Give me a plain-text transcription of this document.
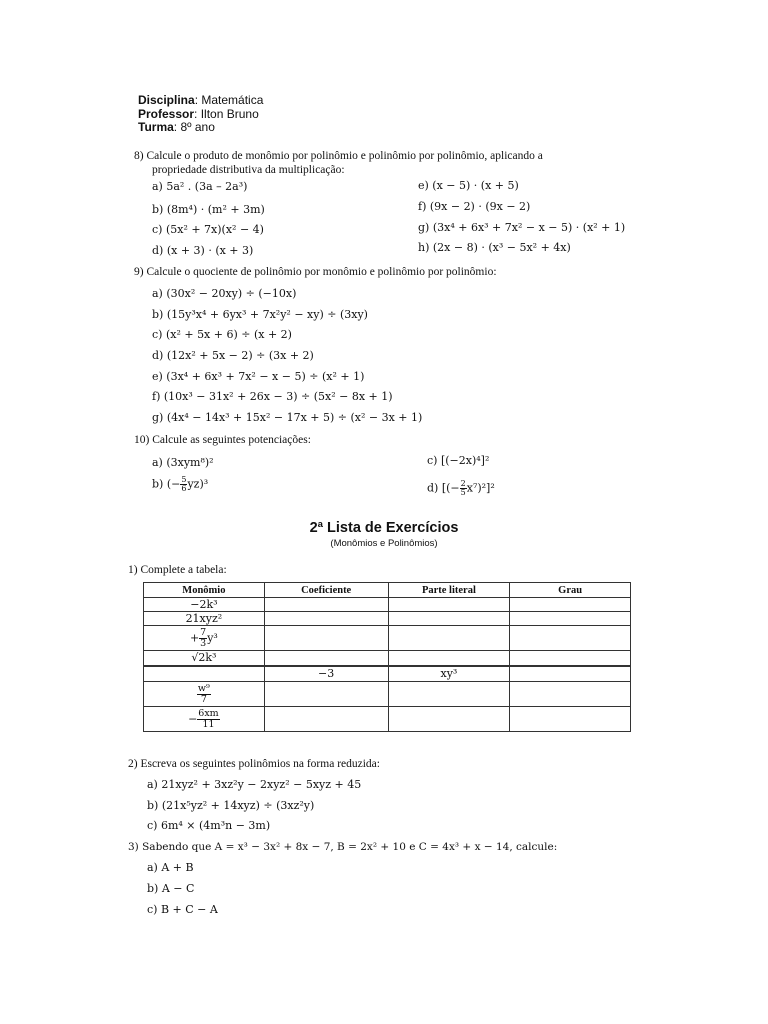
Disciplina: Matemática
Professor: Ilton Bruno
Turma: 8º ano
8) Calcule o produto de monômio por polinômio e polinômio por polinômio, aplicando a
propriedade distributiva da multiplicação:
a) 5a² . (3a – 2a³)
b) (8m⁴) · (m² + 3m)
c) (5x² + 7x)(x² − 4)
d) (x + 3) · (x + 3)
e) (x − 5) · (x + 5)
f) (9x − 2) · (9x − 2)
g) (3x⁴ + 6x³ + 7x² − x − 5) · (x² + 1)
h) (2x − 8) · (x³ − 5x² + 4x)
9) Calcule o quociente de polinômio por monômio e polinômio por polinômio:
a) (30x² − 20xy) ÷ (−10x)
b) (15y³x⁴ + 6yx³ + 7x²y² − xy) ÷ (3xy)
c) (x² + 5x + 6) ÷ (x + 2)
d) (12x² + 5x − 2) ÷ (3x + 2)
e) (3x⁴ + 6x³ + 7x² − x − 5) ÷ (x² + 1)
f) (10x³ − 31x² + 26x − 3) ÷ (5x² − 8x + 1)
g) (4x⁴ − 14x³ + 15x² − 17x + 5) ÷ (x² − 3x + 1)
10) Calcule as seguintes potenciações:
a) (3xym⁸)²
b) (− $\frac{5}{6} yz)^3$
c) [(−2x)⁴]²
d) [(− $\frac{2}{5} x^7)^2]^2$
2ª Lista de Exercícios
(Monômios e Polinômios)
1) Complete a tabela:
Monômio	Coeficiente	Parte literal	Grau
−2k³			
21xyz²			
+ $\frac{7}{3} y^3$			
√2k³			
	−3	xy³	

$\frac{\text{w⁹}}{7}$

− $\frac{6xm}{11}$

2) Escreva os seguintes polinômios na forma reduzida:
a) 21xyz² + 3xz²y − 2xyz² − 5xyz + 45
b) (21x⁵yz² + 14xyz) ÷ (3xz²y)
c) 6m⁴ × (4m³n − 3m)
3) Sabendo que A = x³ − 3x² + 8x − 7, B = 2x² + 10 e C = 4x³ + x − 14, calcule:
a) A + B
b) A − C
c) B + C − A
